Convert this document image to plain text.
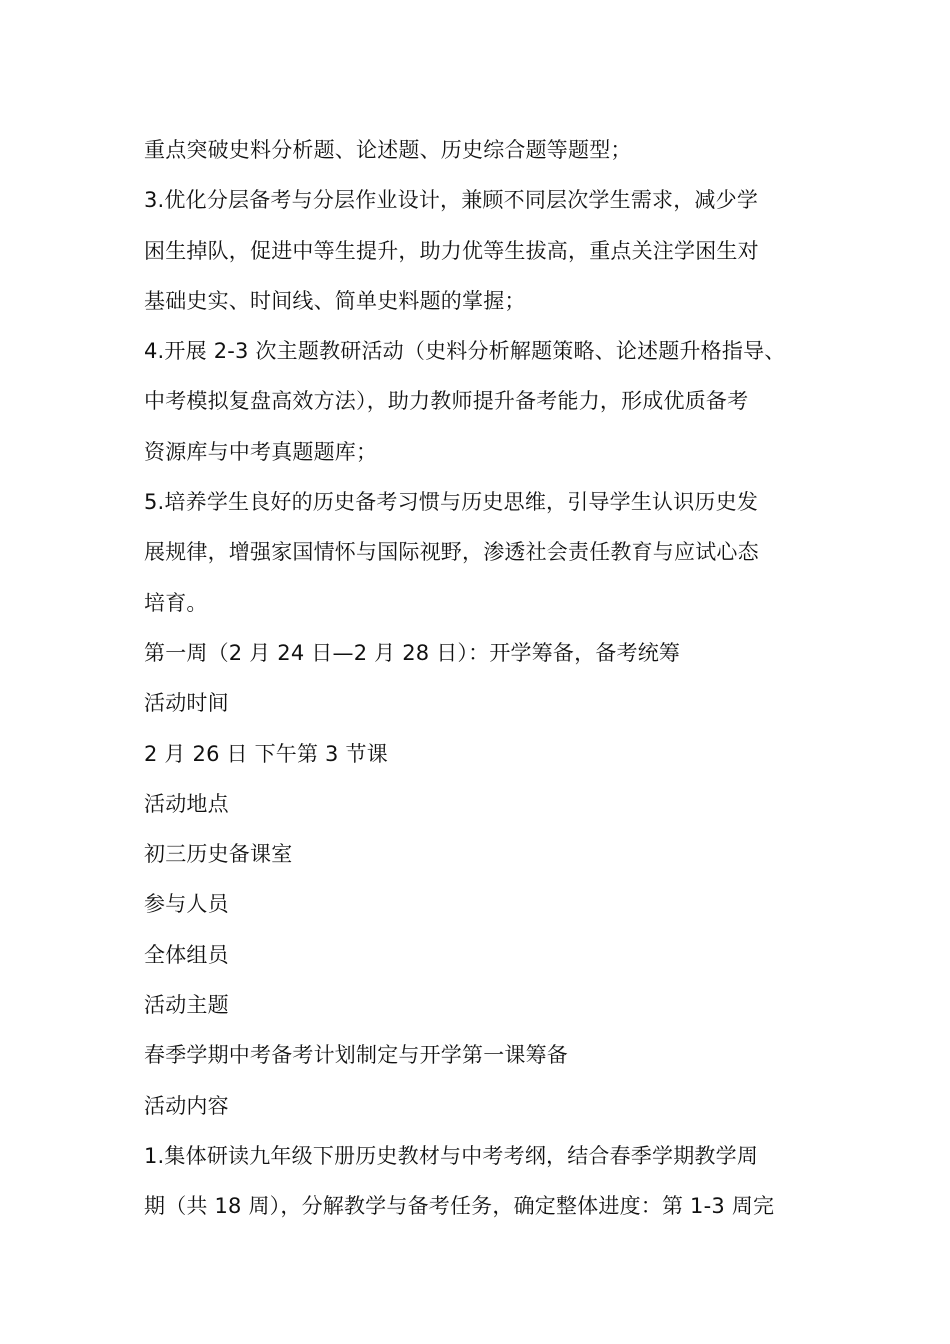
重点突破史料分析题、论述题、历史综合题等题型；
3.优化分层备考与分层作业设计，兼顾不同层次学生需求，减少学
困生掉队，促进中等生提升，助力优等生拔高，重点关注学困生对
基础史实、时间线、简单史料题的掌握；
4.开展 2-3 次主题教研活动（史料分析解题策略、论述题升格指导、
中考模拟复盘高效方法），助力教师提升备考能力，形成优质备考
资源库与中考真题题库；
5.培养学生良好的历史备考习惯与历史思维，引导学生认识历史发
展规律，增强家国情怀与国际视野，渗透社会责任教育与应试心态
培育。
第一周（2 月 24 日—2 月 28 日）：开学筹备，备考统筹
活动时间
2 月 26 日 下午第 3 节课
活动地点
初三历史备课室
参与人员
全体组员
活动主题
春季学期中考备考计划制定与开学第一课筹备
活动内容
1.集体研读九年级下册历史教材与中考考纲，结合春季学期教学周
期（共 18 周），分解教学与备考任务，确定整体进度：第 1-3 周完
